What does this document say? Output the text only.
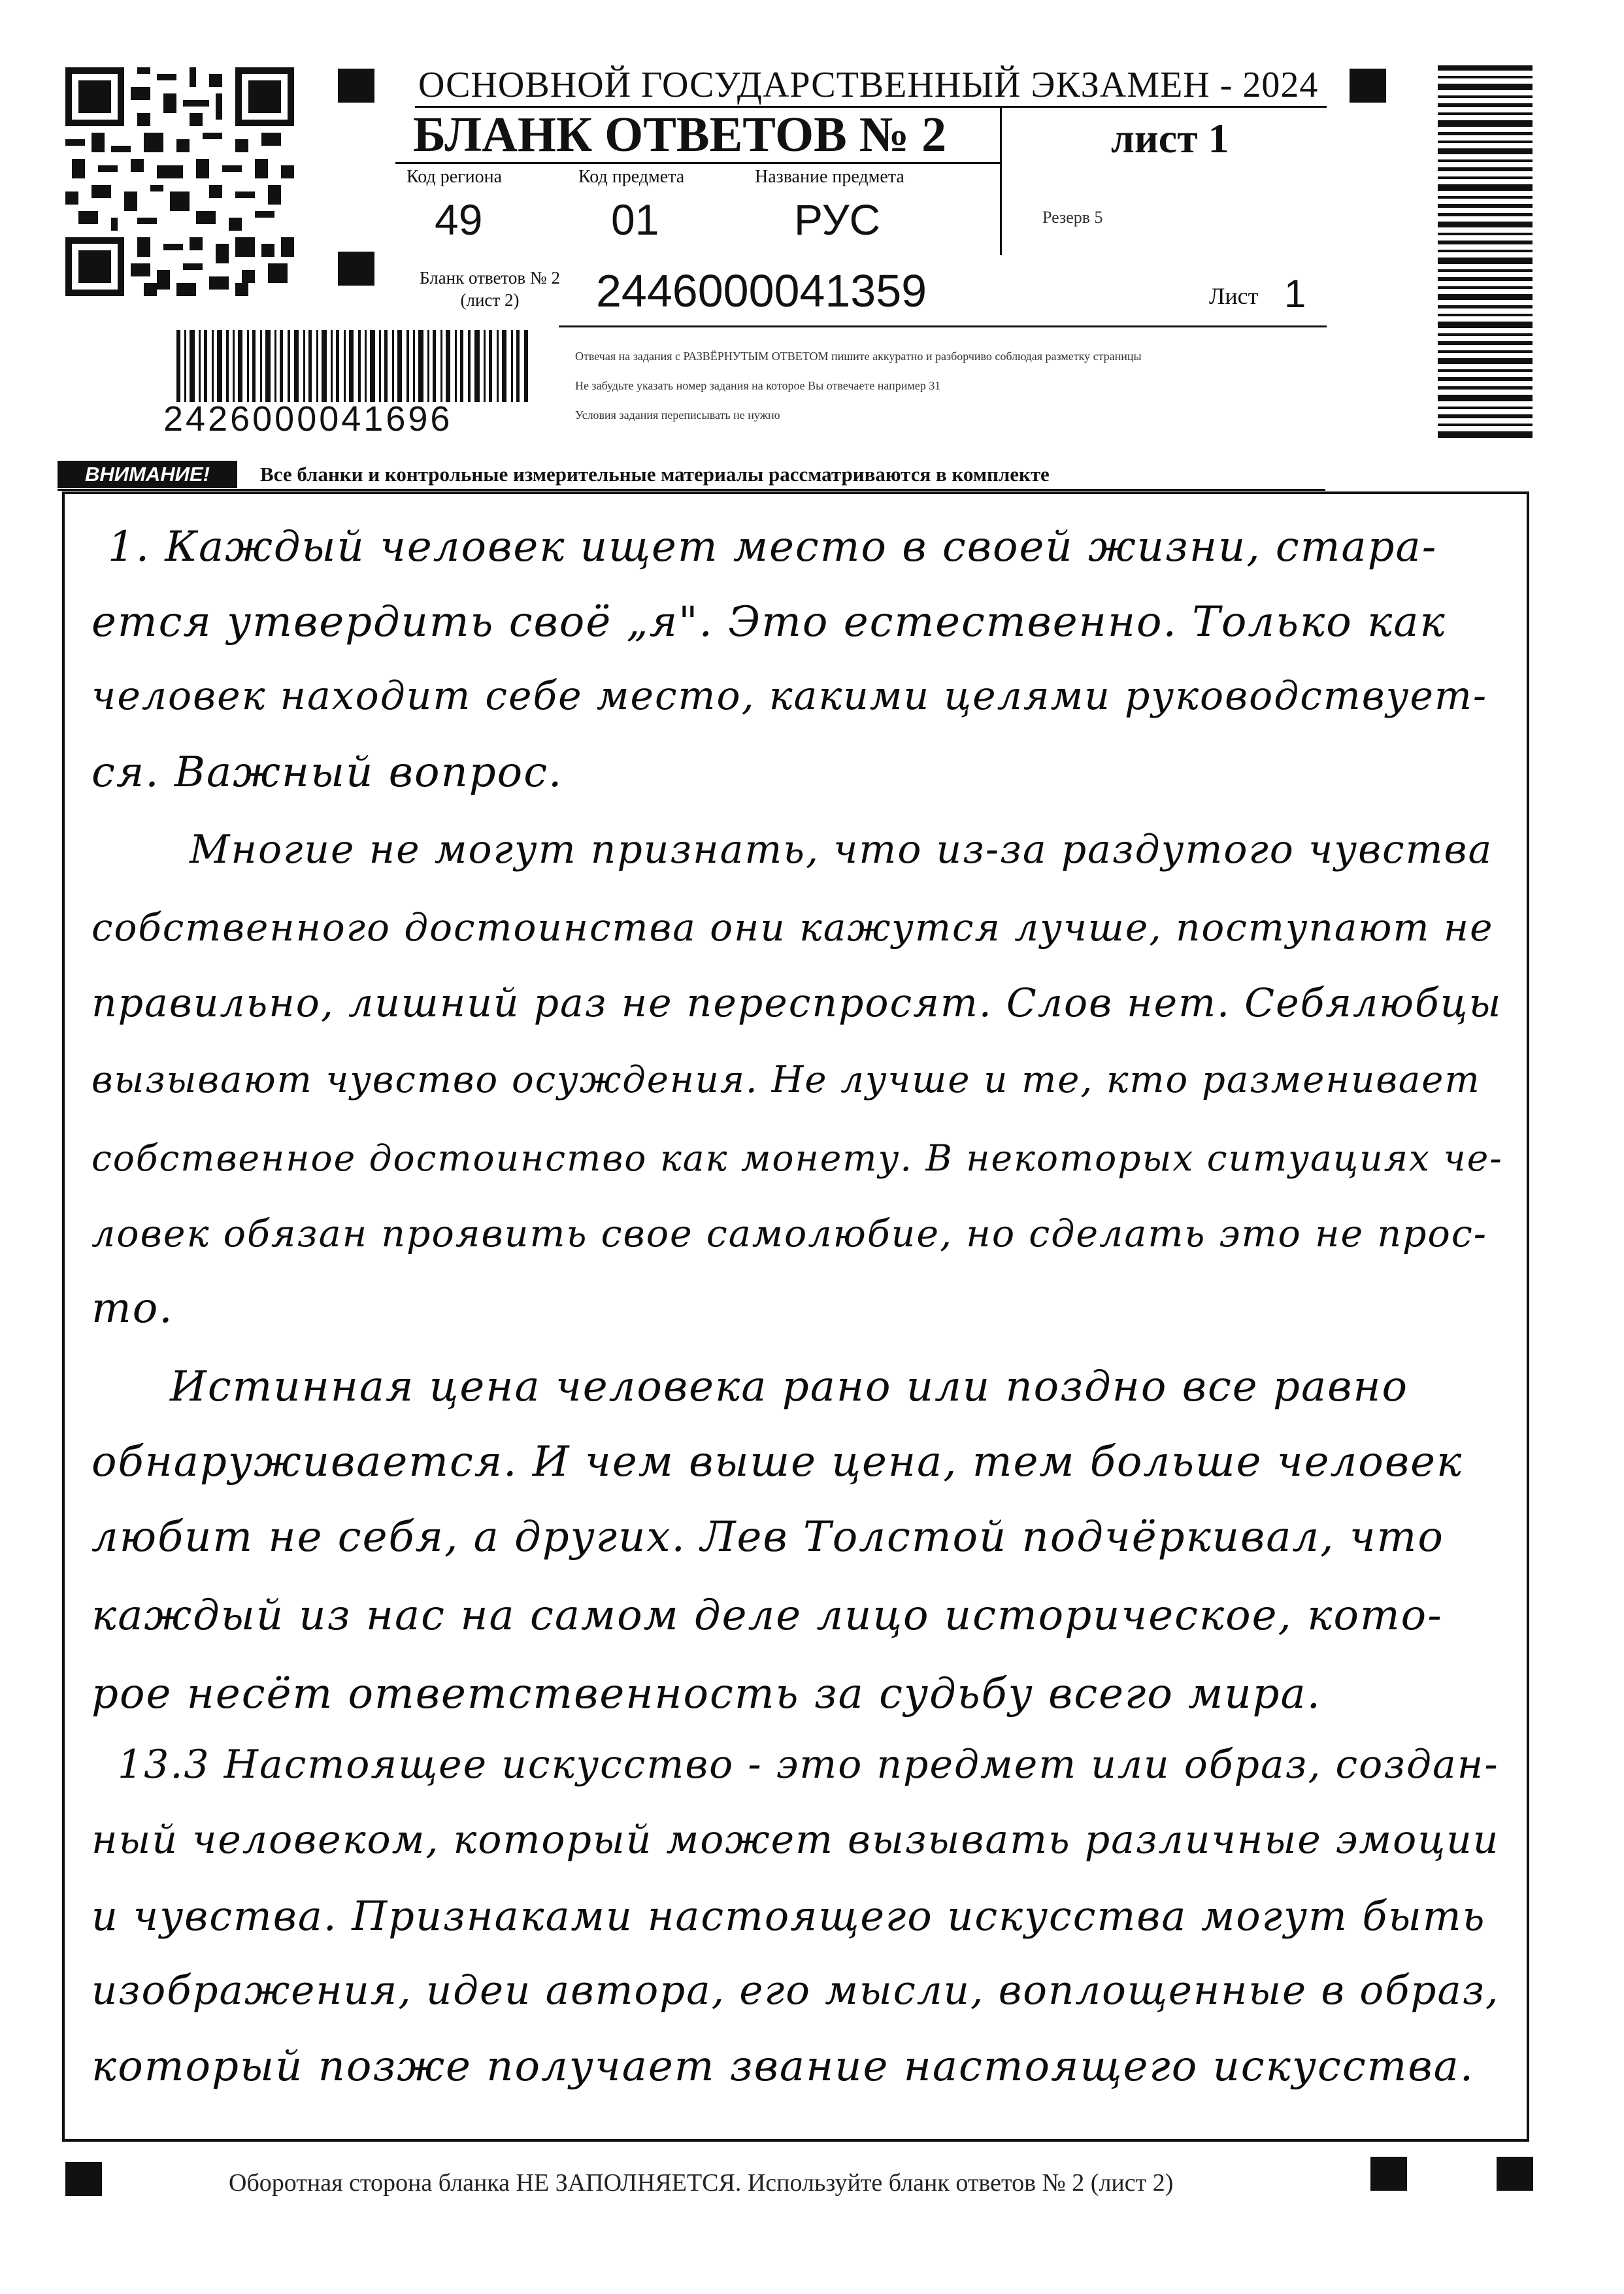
ОСНОВНОЙ ГОСУДАРСТВЕННЫЙ ЭКЗАМЕН - 2024
БЛАНК ОТВЕТОВ № 2	лист 1
Код региона
49
Код предмета
01
Название предмета
РУС	Резерв 5
Бланк ответов № 2
(лист 2)	2446000041359	Лист 1
Отвечая на задания с РАЗВЁРНУТЫМ ОТВЕТОМ пишите аккуратно и разборчиво соблюдая разметку страницы
Не забудьте указать номер задания на которое Вы отвечаете например 31
Условия задания переписывать не нужно
2426000041696
ВНИМАНИЕ!	Все бланки и контрольные измерительные материалы рассматриваются в комплекте
1. Каждый человек ищет место в своей жизни, стара-
ется утвердить своё „я". Это естественно. Только как
человек находит себе место, какими целями руководствует-
ся. Важный вопрос.
Многие не могут признать, что из-за раздутого чувства
собственного достоинства они кажутся лучше, поступают не
правильно, лишний раз не переспросят. Слов нет. Себялюбцы
вызывают чувство осуждения. Не лучше и те, кто разменивает
собственное достоинство как монету. В некоторых ситуациях че-
ловек обязан проявить свое самолюбие, но сделать это не прос-
то.
Истинная цена человека рано или поздно все равно
обнаруживается. И чем выше цена, тем больше человек
любит не себя, а других. Лев Толстой подчёркивал, что
каждый из нас на самом деле лицо историческое, кото-
рое несёт ответственность за судьбу всего мира.
13.3 Настоящее искусство - это предмет или образ, создан-
ный человеком, который может вызывать различные эмоции
и чувства. Признаками настоящего искусства могут быть
изображения, идеи автора, его мысли, воплощенные в образ,
который позже получает звание настоящего искусства.
Оборотная сторона бланка НЕ ЗАПОЛНЯЕТСЯ. Используйте бланк ответов № 2 (лист 2)
